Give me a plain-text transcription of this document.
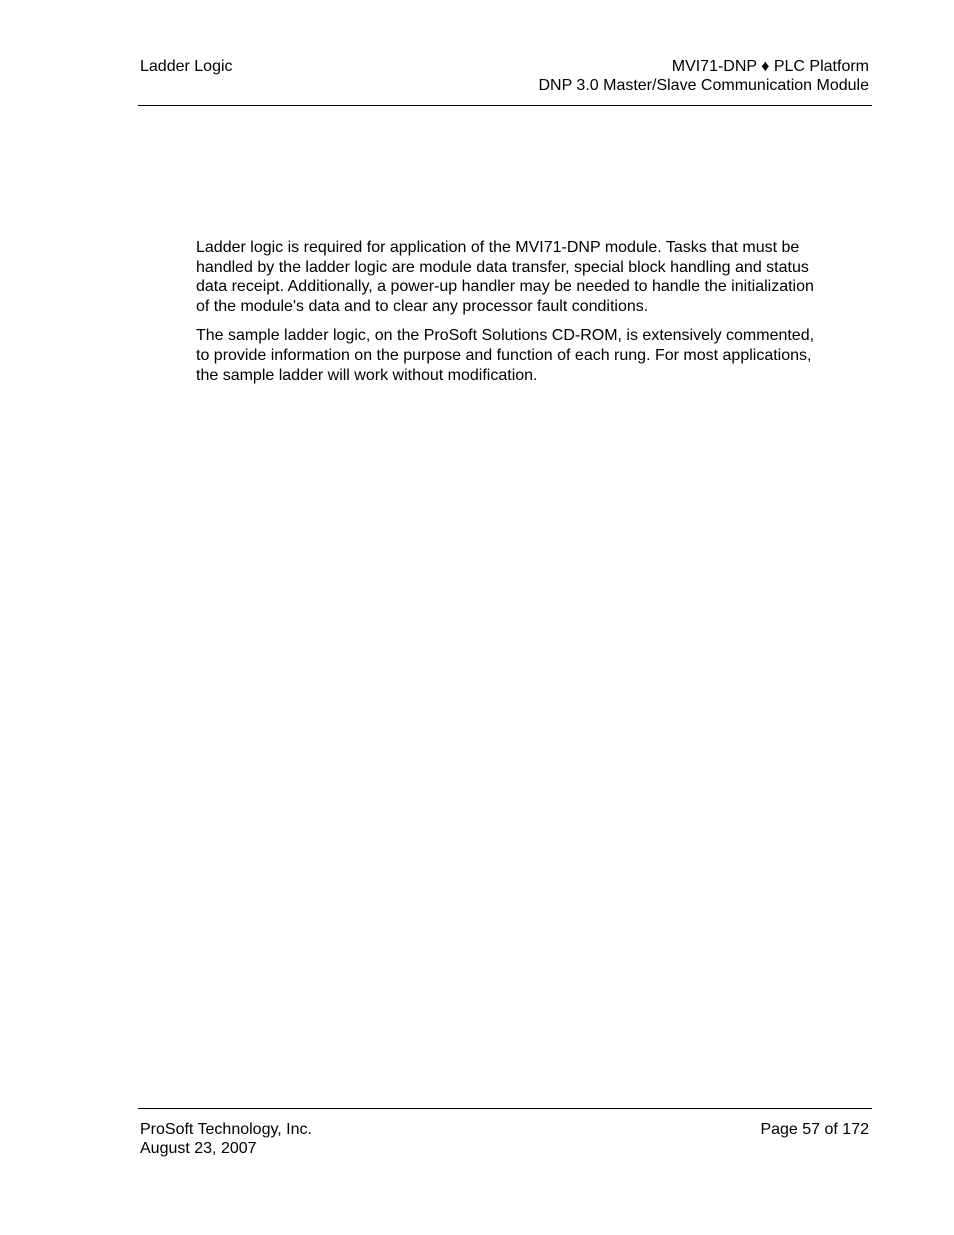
Ladder Logic	MVI71-DNP ♦ PLC Platform
DNP 3.0 Master/Slave Communication Module

Ladder logic is required for application of the MVI71-DNP module. Tasks that must be handled by the ladder logic are module data transfer, special block handling and status data receipt. Additionally, a power-up handler may be needed to handle the initialization of the module's data and to clear any processor fault conditions.

The sample ladder logic, on the ProSoft Solutions CD-ROM, is extensively commented, to provide information on the purpose and function of each rung. For most applications, the sample ladder will work without modification.

ProSoft Technology, Inc.
August 23, 2007
Page 57 of 172
